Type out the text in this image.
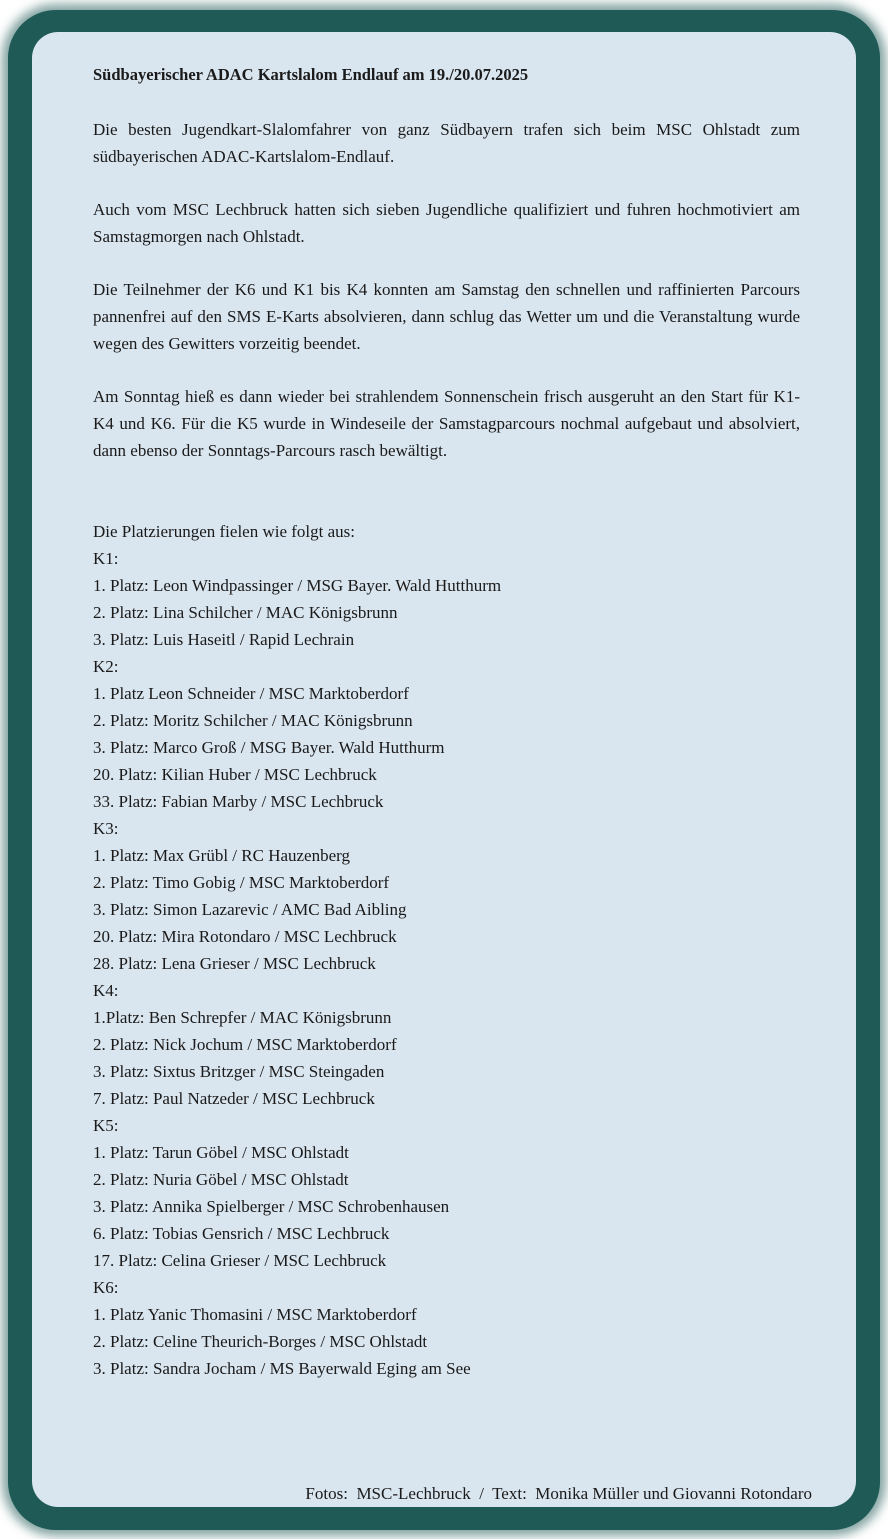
Südbayerischer ADAC Kartslalom Endlauf am 19./20.07.2025

Die besten Jugendkart-Slalomfahrer von ganz Südbayern trafen sich beim MSC Ohlstadt zum südbayerischen ADAC-Kartslalom-Endlauf.

Auch vom MSC Lechbruck hatten sich sieben Jugendliche qualifiziert und fuhren hochmotiviert am Samstagmorgen nach Ohlstadt.

Die Teilnehmer der K6 und K1 bis K4 konnten am Samstag den schnellen und raffinierten Parcours pannenfrei auf den SMS E-Karts absolvieren, dann schlug das Wetter um und die Veranstaltung wurde wegen des Gewitters vorzeitig beendet.

Am Sonntag hieß es dann wieder bei strahlendem Sonnenschein frisch ausgeruht an den Start für K1-K4 und K6. Für die K5 wurde in Windeseile der Samstagparcours nochmal aufgebaut und absolviert, dann ebenso der Sonntags-Parcours rasch bewältigt.

Die Platzierungen fielen wie folgt aus:
K1:
1. Platz: Leon Windpassinger / MSG Bayer. Wald Hutthurm
2. Platz: Lina Schilcher / MAC Königsbrunn
3. Platz: Luis Haseitl / Rapid Lechrain
K2:
1. Platz Leon Schneider / MSC Marktoberdorf
2. Platz: Moritz Schilcher / MAC Königsbrunn
3. Platz: Marco Groß / MSG Bayer. Wald Hutthurm
20. Platz: Kilian Huber / MSC Lechbruck
33. Platz: Fabian Marby / MSC Lechbruck
K3:
1. Platz: Max Grübl / RC Hauzenberg
2. Platz: Timo Gobig / MSC Marktoberdorf
3. Platz: Simon Lazarevic / AMC Bad Aibling
20. Platz: Mira Rotondaro / MSC Lechbruck
28. Platz: Lena Grieser / MSC Lechbruck
K4:
1.Platz: Ben Schrepfer / MAC Königsbrunn
2. Platz: Nick Jochum / MSC Marktoberdorf
3. Platz: Sixtus Britzger / MSC Steingaden
7. Platz: Paul Natzeder / MSC Lechbruck
K5:
1. Platz: Tarun Göbel / MSC Ohlstadt
2. Platz: Nuria Göbel / MSC Ohlstadt
3. Platz: Annika Spielberger / MSC Schrobenhausen
6. Platz: Tobias Gensrich / MSC Lechbruck
17. Platz: Celina Grieser / MSC Lechbruck
K6:
1. Platz Yanic Thomasini / MSC Marktoberdorf
2. Platz: Celine Theurich-Borges / MSC Ohlstadt
3. Platz: Sandra Jocham / MS Bayerwald Eging am See
Fotos:  MSC-Lechbruck  /  Text:  Monika Müller und Giovanni Rotondaro
